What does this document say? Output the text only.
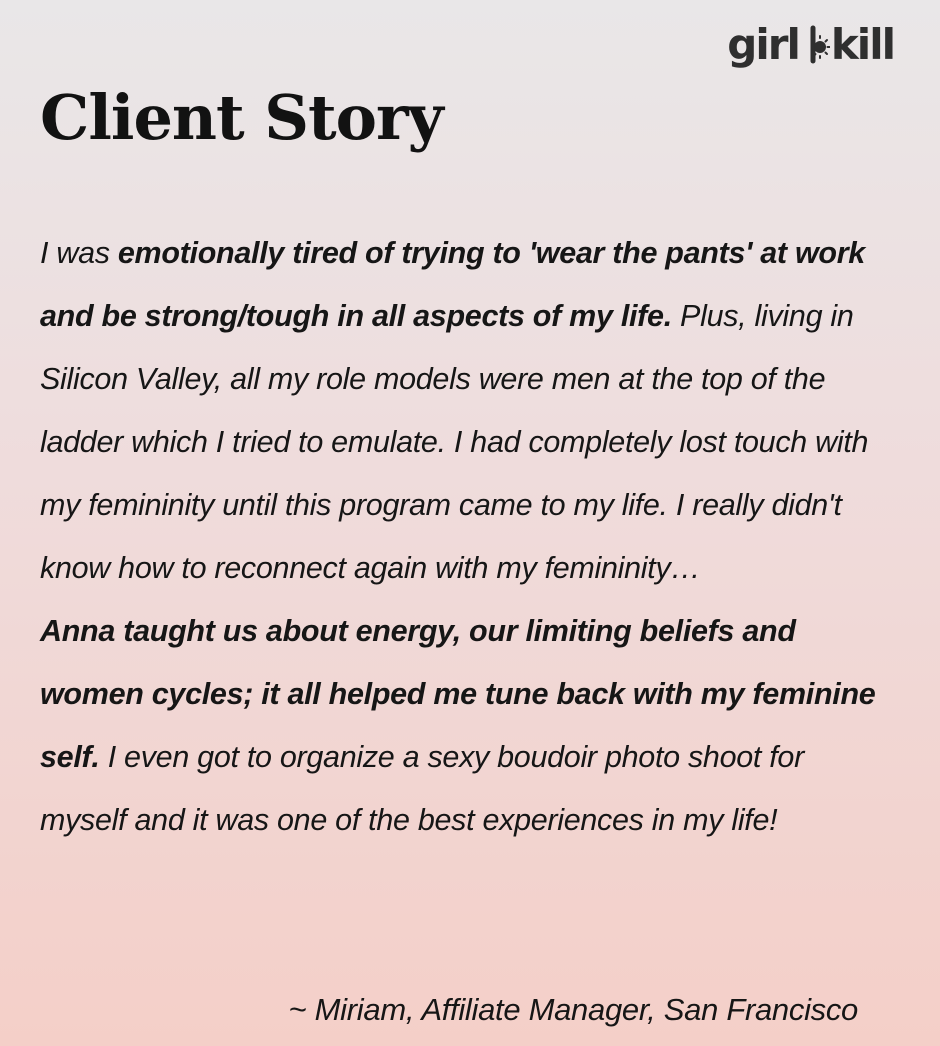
girl kill
Client Story
I was emotionally tired of trying to 'wear the pants' at work and be strong/tough in all aspects of my life. Plus, living in Silicon Valley, all my role models were men at the top of the ladder which I tried to emulate. I had completely lost touch with my femininity until this program came to my life. I really didn't know how to reconnect again with my femininity…
Anna taught us about energy, our limiting beliefs and women cycles; it all helped me tune back with my feminine self. I even got to organize a sexy boudoir photo shoot for myself and it was one of the best experiences in my life!

~ Miriam, Affiliate Manager, San Francisco
